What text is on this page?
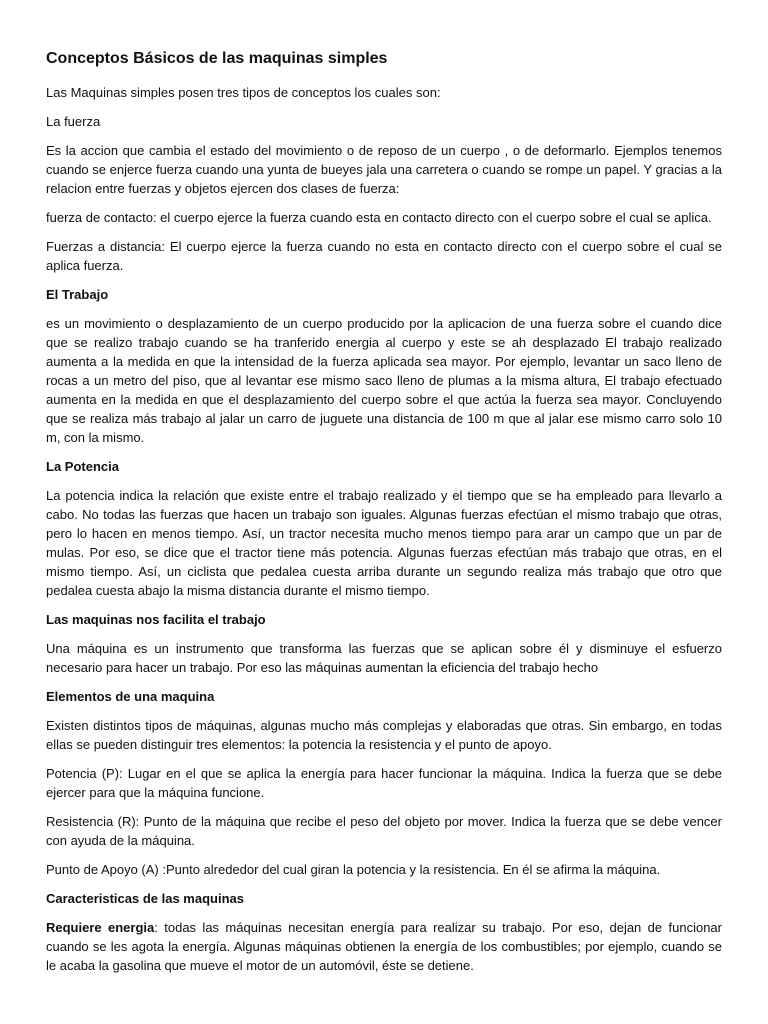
Conceptos Básicos de las maquinas simples

Las Maquinas simples posen tres tipos de conceptos los cuales son:

La fuerza

Es la accion que cambia el estado del movimiento o de reposo de un cuerpo , o de deformarlo. Ejemplos tenemos cuando se enjerce fuerza cuando una yunta de bueyes jala una carretera o cuando se rompe un papel. Y gracias a la relacion entre fuerzas y objetos ejercen dos clases de fuerza:

fuerza de contacto: el cuerpo ejerce la fuerza cuando esta en contacto directo con el cuerpo sobre el cual se aplica.

Fuerzas a distancia: El cuerpo ejerce la fuerza cuando no esta en contacto directo con el cuerpo sobre el cual se aplica fuerza.

El Trabajo

es un movimiento o desplazamiento de un cuerpo producido por la aplicacion de una fuerza sobre el cuando dice que se realizo trabajo cuando se ha tranferido energia al cuerpo y este se ah desplazado El trabajo realizado aumenta a la medida en que la intensidad de la fuerza aplicada sea mayor. Por ejemplo, levantar un saco lleno de rocas a un metro del piso, que al levantar ese mismo saco lleno de plumas a la misma altura, El trabajo efectuado aumenta en la medida en que el desplazamiento del cuerpo sobre el que actúa la fuerza sea mayor. Concluyendo que se realiza más trabajo al jalar un carro de juguete una distancia de 100 m que al jalar ese mismo carro solo 10 m, con la mismo.

La Potencia

La potencia indica la relación que existe entre el trabajo realizado y el tiempo que se ha empleado para llevarlo a cabo. No todas las fuerzas que hacen un trabajo son iguales. Algunas fuerzas efectúan el mismo trabajo que otras, pero lo hacen en menos tiempo. Así, un tractor necesita mucho menos tiempo para arar un campo que un par de mulas. Por eso, se dice que el tractor tiene más potencia. Algunas fuerzas efectúan más trabajo que otras, en el mismo tiempo. Así, un ciclista que pedalea cuesta arriba durante un segundo realiza más trabajo que otro que pedalea cuesta abajo la misma distancia durante el mismo tiempo.

Las maquinas nos facilita el trabajo

Una máquina es un instrumento que transforma las fuerzas que se aplican sobre él y disminuye el esfuerzo necesario para hacer un trabajo. Por eso las máquinas aumentan la eficiencia del trabajo hecho

Elementos de una maquina

Existen distintos tipos de máquinas, algunas mucho más complejas y elaboradas que otras. Sin embargo, en todas ellas se pueden distinguir tres elementos: la potencia la resistencia y el punto de apoyo.

Potencia (P): Lugar en el que se aplica la energía para hacer funcionar la máquina. Indica la fuerza que se debe ejercer para que la máquina funcione.

Resistencia (R): Punto de la máquina que recibe el peso del objeto por mover. Indica la fuerza que se debe vencer con ayuda de la máquina.

Punto de Apoyo (A) :Punto alrededor del cual giran la potencia y la resistencia. En él se afirma la máquina.

Caracteristicas de las maquinas

Requiere energia: todas las máquinas necesitan energía para realizar su trabajo. Por eso, dejan de funcionar cuando se les agota la energía. Algunas máquinas obtienen la energía de los combustibles; por ejemplo, cuando se le acaba la gasolina que mueve el motor de un automóvil, éste se detiene.
